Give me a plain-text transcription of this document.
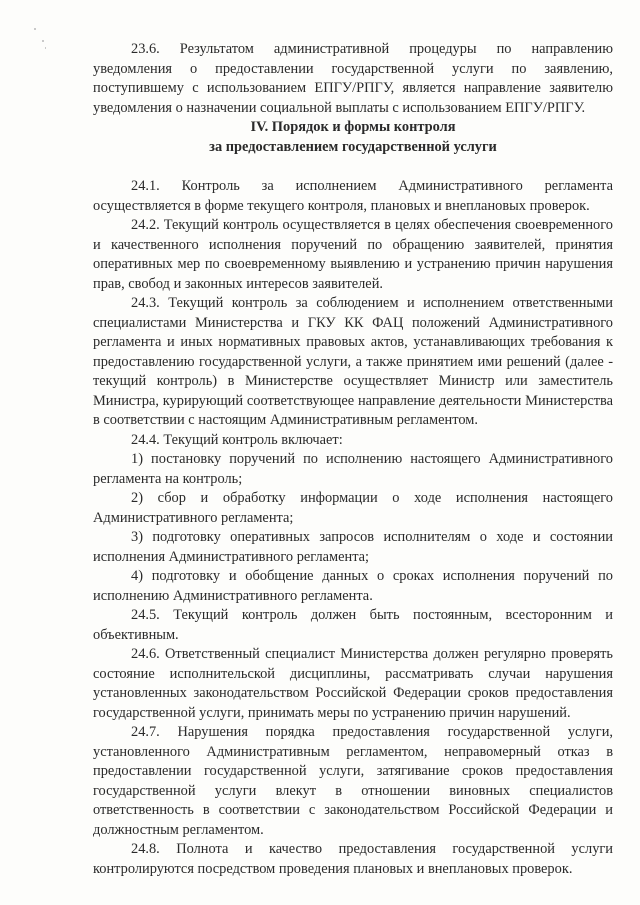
23.6. Результатом административной процедуры по направлению уведомления о предоставлении государственной услуги по заявлению, поступившему с использованием ЕПГУ/РПГУ, является направление заявителю уведомления о назначении социальной выплаты с использованием ЕПГУ/РПГУ.

IV. Порядок и формы контроля

за предоставлением государственной услуги

24.1. Контроль за исполнением Административного регламента осуществляется в форме текущего контроля, плановых и внеплановых проверок.

24.2. Текущий контроль осуществляется в целях обеспечения своевременного и качественного исполнения поручений по обращению заявителей, принятия оперативных мер по своевременному выявлению и устранению причин нарушения прав, свобод и законных интересов заявителей.

24.3. Текущий контроль за соблюдением и исполнением ответственными специалистами Министерства и ГКУ КК ФАЦ положений Административного регламента и иных нормативных правовых актов, устанавливающих требования к предоставлению государственной услуги, а также принятием ими решений (далее - текущий контроль) в Министерстве осуществляет Министр или заместитель Министра, курирующий соответствующее направление деятельности Министерства в соответствии с настоящим Административным регламентом.

24.4. Текущий контроль включает:

1) постановку поручений по исполнению настоящего Административного регламента на контроль;

2) сбор и обработку информации о ходе исполнения настоящего Административного регламента;

3) подготовку оперативных запросов исполнителям о ходе и состоянии исполнения Административного регламента;

4) подготовку и обобщение данных о сроках исполнения поручений по исполнению Административного регламента.

24.5. Текущий контроль должен быть постоянным, всесторонним и объективным.

24.6. Ответственный специалист Министерства должен регулярно проверять состояние исполнительской дисциплины, рассматривать случаи нарушения установленных законодательством Российской Федерации сроков предоставления государственной услуги, принимать меры по устранению причин нарушений.

24.7. Нарушения порядка предоставления государственной услуги, установленного Административным регламентом, неправомерный отказ в предоставлении государственной услуги, затягивание сроков предоставления государственной услуги влекут в отношении виновных специалистов ответственность в соответствии с законодательством Российской Федерации и должностным регламентом.

24.8. Полнота и качество предоставления государственной услуги контролируются посредством проведения плановых и внеплановых проверок.
